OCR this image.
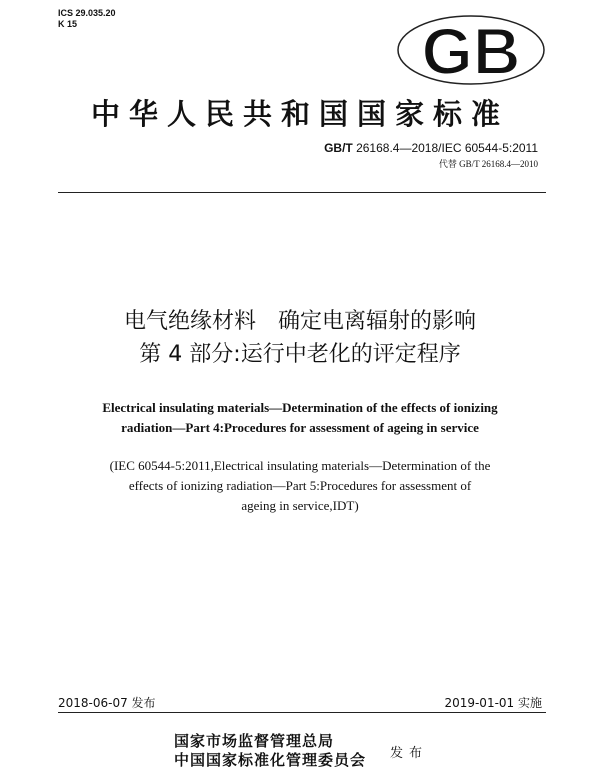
ICS 29.035.20
K 15	GB
中华人民共和国国家标准
GB/T 26168.4—2018/IEC 60544-5:2011
代替 GB/T 26168.4—2010
电气绝缘材料　确定电离辐射的影响
第 4 部分:运行中老化的评定程序
Electrical insulating materials—Determination of the effects of ionizing
radiation—Part 4:Procedures for assessment of ageing in service
(IEC 60544-5:2011,Electrical insulating materials—Determination of the
effects of ionizing radiation—Part 5:Procedures for assessment of
ageing in service,IDT)
2018-06-07 发布	2019-01-01 实施
国家市场监督管理总局
中国国家标准化管理委员会 发布
